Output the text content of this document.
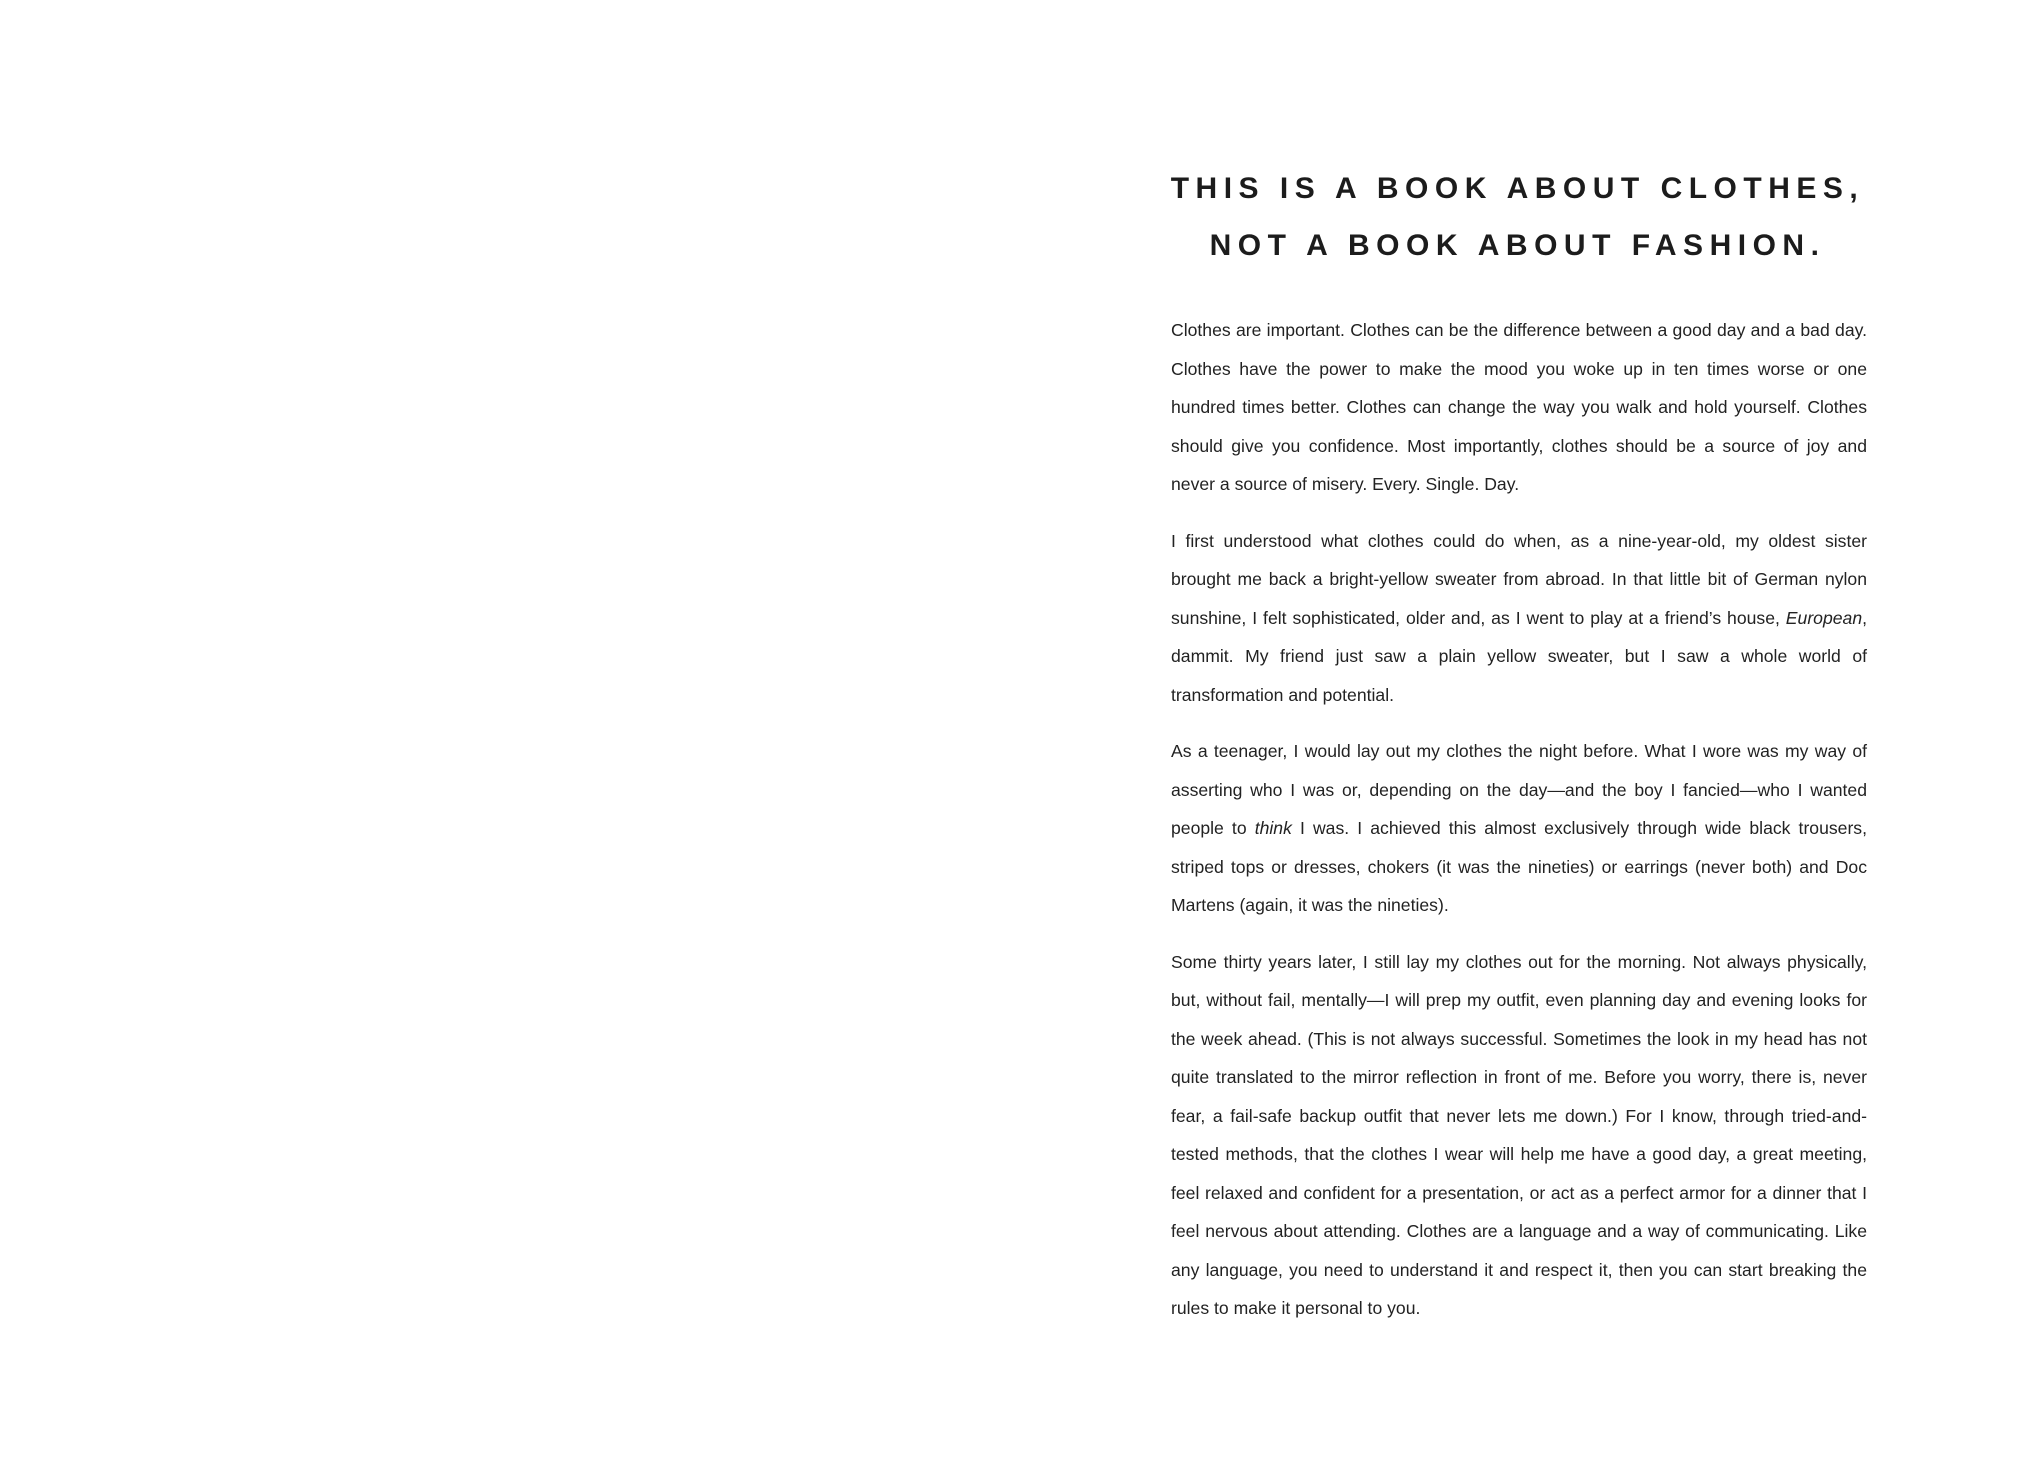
THIS IS A BOOK ABOUT CLOTHES,
NOT A BOOK ABOUT FASHION.

Clothes are important. Clothes can be the difference between a good day and a bad day. Clothes have the power to make the mood you woke up in ten times worse or one hundred times better. Clothes can change the way you walk and hold yourself. Clothes should give you confidence. Most importantly, clothes should be a source of joy and never a source of misery. Every. Single. Day.

I first understood what clothes could do when, as a nine-year-old, my oldest sister brought me back a bright-yellow sweater from abroad. In that little bit of German nylon sunshine, I felt sophisticated, older and, as I went to play at a friend’s house, European, dammit. My friend just saw a plain yellow sweater, but I saw a whole world of transformation and potential.

As a teenager, I would lay out my clothes the night before. What I wore was my way of asserting who I was or, depending on the day—and the boy I fancied—who I wanted people to think I was. I achieved this almost exclusively through wide black trousers, striped tops or dresses, chokers (it was the nineties) or earrings (never both) and Doc Martens (again, it was the nineties).

Some thirty years later, I still lay my clothes out for the morning. Not always physically, but, without fail, mentally—I will prep my outfit, even planning day and evening looks for the week ahead. (This is not always successful. Sometimes the look in my head has not quite translated to the mirror reflection in front of me. Before you worry, there is, never fear, a fail-safe backup outfit that never lets me down.) For I know, through tried-and-tested methods, that the clothes I wear will help me have a good day, a great meeting, feel relaxed and confident for a presentation, or act as a perfect armor for a dinner that I feel nervous about attending. Clothes are a language and a way of communicating. Like any language, you need to understand it and respect it, then you can start breaking the rules to make it personal to you.
